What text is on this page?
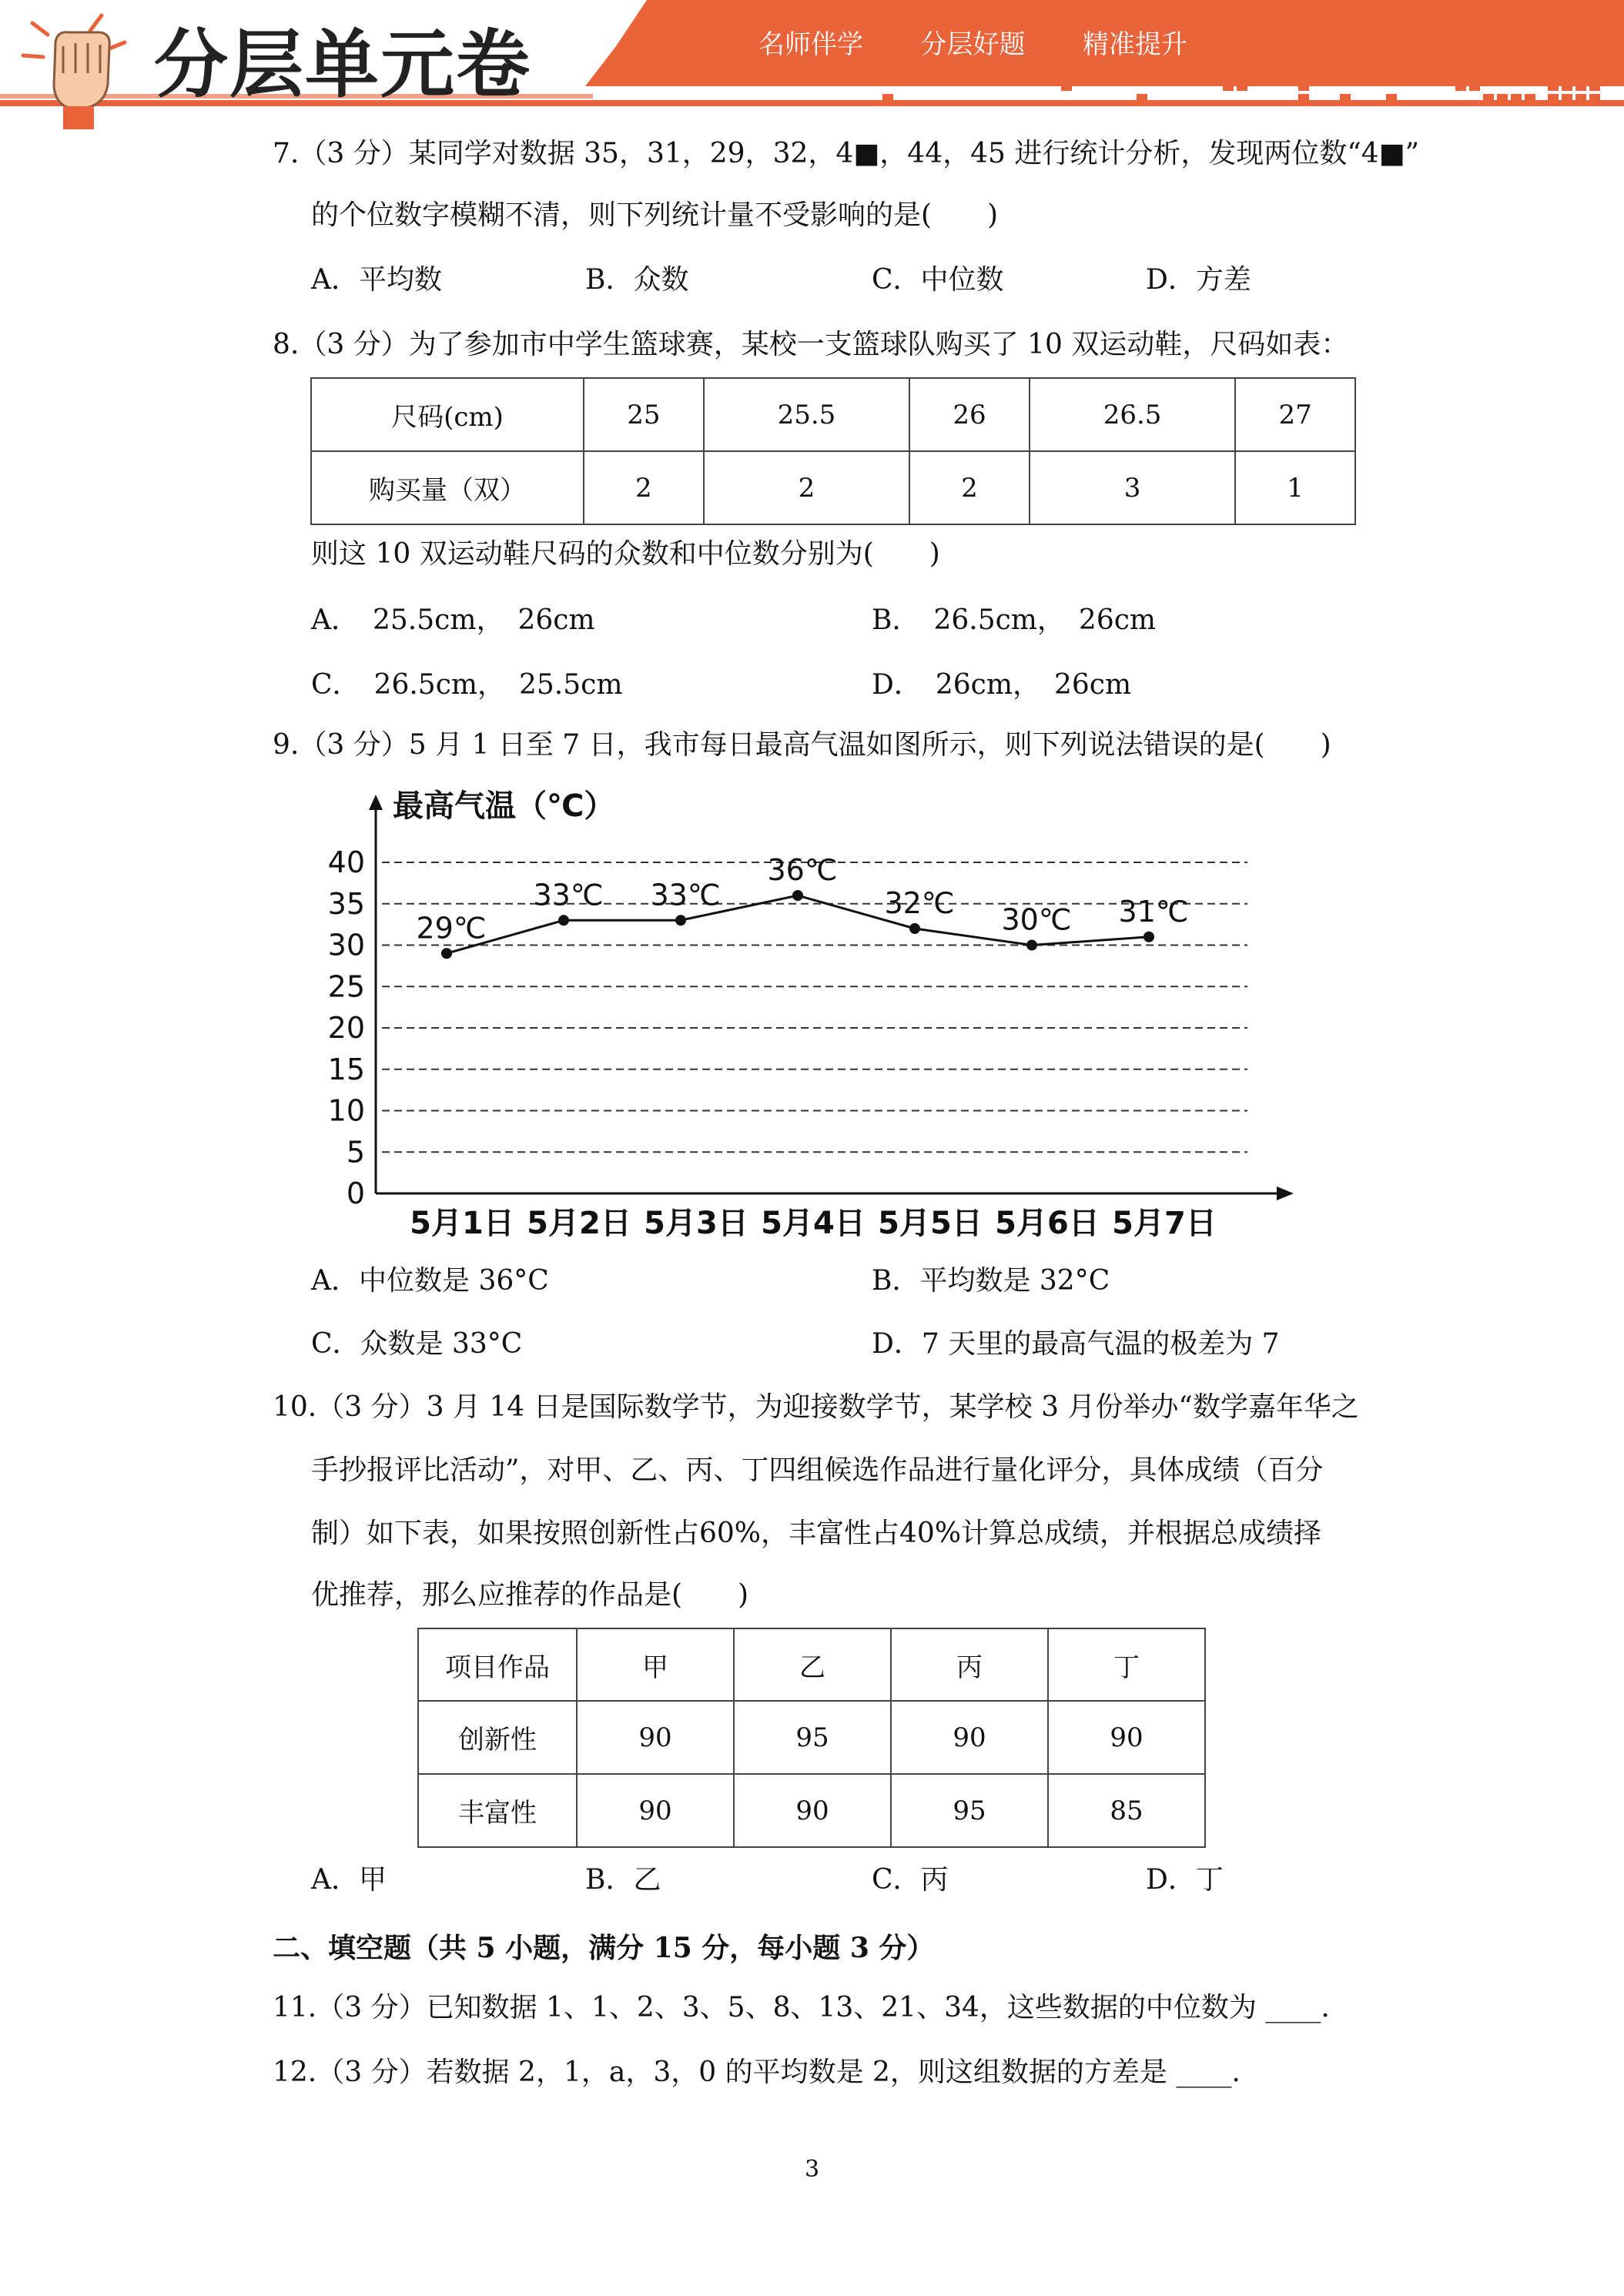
分层单元卷	名师伴学   分层好题   精准提升
7.（3 分）某同学对数据 35，31，29，32，4■，44，45 进行统计分析，发现两位数“4■”
的个位数字模糊不清，则下列统计量不受影响的是(　　)
A．平均数	B．众数	C．中位数	D．方差
8.（3 分）为了参加市中学生篮球赛，某校一支篮球队购买了 10 双运动鞋，尺码如表：
尺码(cm)	25	25.5	26	26.5	27
购买量（双）	2	2	2	3	1
则这 10 双运动鞋尺码的众数和中位数分别为(　　)
A．　25.5cm，　26cm	B．　26.5cm，　26cm
C．　26.5cm，　25.5cm	D．　26cm，　26cm
9.（3 分）5 月 1 日至 7 日，我市每日最高气温如图所示，则下列说法错误的是(　　)
0
5
10
15
20
25
30
35
40
5月1日 5月2日 5月3日 5月4日 5月5日 5月6日 5月7日
29℃
33℃ 33℃
36℃
32℃ 30℃ 31℃
最高气温（℃）
A．中位数是 36°C	B．平均数是 32°C
C．众数是 33°C	D．7 天里的最高气温的极差为 7
10.（3 分）3 月 14 日是国际数学节，为迎接数学节，某学校 3 月份举办“数学嘉年华之
手抄报评比活动”，对甲、乙、丙、丁四组候选作品进行量化评分，具体成绩（百分
制）如下表，如果按照创新性占60%，丰富性占40%计算总成绩，并根据总成绩择
优推荐，那么应推荐的作品是(　　)
项目作品	甲	乙	丙	丁
创新性	90	95	90	90
丰富性	90	90	95	85
A．甲	B．乙	C．丙	D．丁
二、填空题（共 5 小题，满分 15 分，每小题 3 分）
11.（3 分）已知数据 1、1、2、3、5、8、13、21、34，这些数据的中位数为 ____.
12.（3 分）若数据 2，1，a，3，0 的平均数是 2，则这组数据的方差是 ____.
3
